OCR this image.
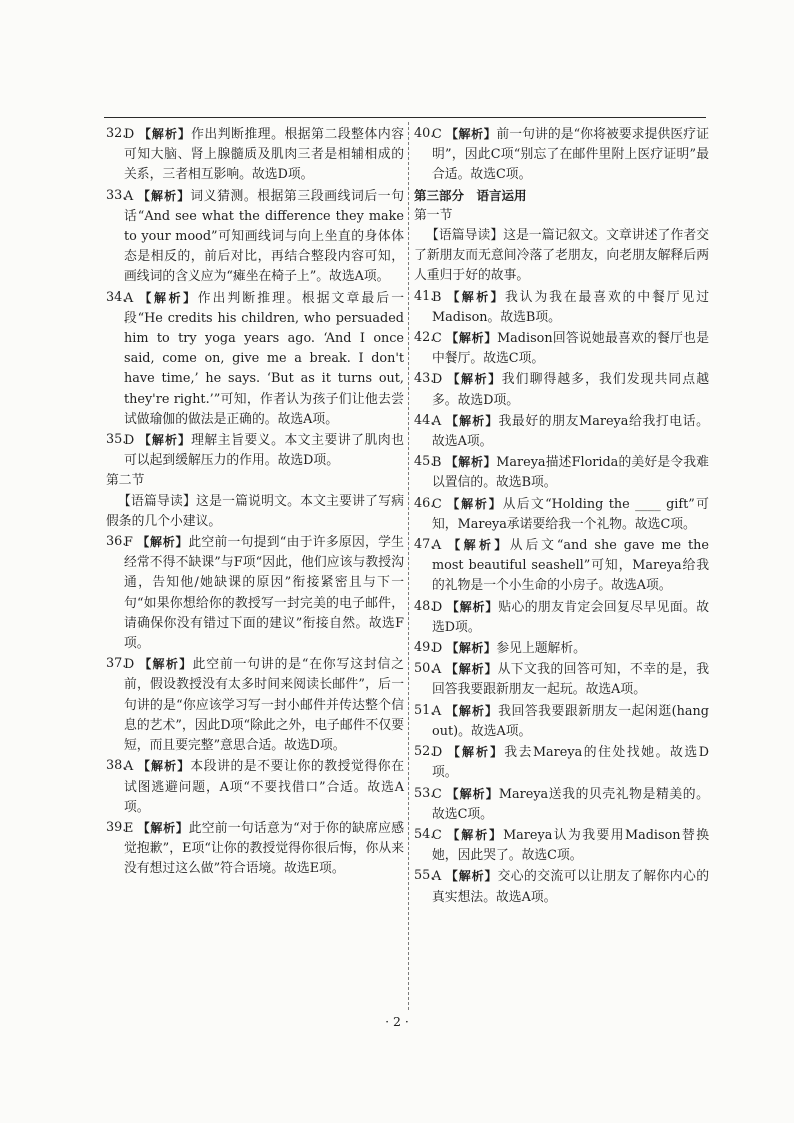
32.
D 【解析】作出判断推理。根据第二段整体内容可知大脑、肾上腺髓质及肌肉三者是相辅相成的关系，三者相互影响。故选D项。
33.
A 【解析】词义猜测。根据第三段画线词后一句话“And see what the difference they make to your mood”可知画线词与向上坐直的身体体态是相反的，前后对比，再结合整段内容可知，画线词的含义应为“瘫坐在椅子上”。故选A项。
34.
A 【解析】作出判断推理。根据文章最后一段“He credits his children, who persuaded him to try yoga years ago. ‘And I once said, come on, give me a break. I don't have time,’ he says. ‘But as it turns out, they're right.’”可知，作者认为孩子们让他去尝试做瑜伽的做法是正确的。故选A项。
35.
D 【解析】理解主旨要义。本文主要讲了肌肉也可以起到缓解压力的作用。故选D项。
第二节
【语篇导读】这是一篇说明文。本文主要讲了写病假条的几个小建议。
36.
F 【解析】此空前一句提到“由于许多原因，学生经常不得不缺课”与F项“因此，他们应该与教授沟通，告知他/她缺课的原因”衔接紧密且与下一句“如果你想给你的教授写一封完美的电子邮件，请确保你没有错过下面的建议”衔接自然。故选F项。
37.
D 【解析】此空前一句讲的是“在你写这封信之前，假设教授没有太多时间来阅读长邮件”，后一句讲的是“你应该学习写一封小邮件并传达整个信息的艺术”，因此D项“除此之外，电子邮件不仅要短，而且要完整”意思合适。故选D项。
38.
A 【解析】本段讲的是不要让你的教授觉得你在试图逃避问题，A项“不要找借口”合适。故选A项。
39.
E 【解析】此空前一句话意为“对于你的缺席应感觉抱歉”，E项“让你的教授觉得你很后悔，你从来没有想过这么做”符合语境。故选E项。
40.
C 【解析】前一句讲的是“你将被要求提供医疗证明”，因此C项“别忘了在邮件里附上医疗证明”最合适。故选C项。
第三部分　语言运用
第一节
【语篇导读】这是一篇记叙文。文章讲述了作者交了新朋友而无意间冷落了老朋友，向老朋友解释后两人重归于好的故事。
41.
B 【解析】我认为我在最喜欢的中餐厅见过Madison。故选B项。
42.
C 【解析】Madison回答说她最喜欢的餐厅也是中餐厅。故选C项。
43.
D 【解析】我们聊得越多，我们发现共同点越多。故选D项。
44.
A 【解析】我最好的朋友Mareya给我打电话。故选A项。
45.
B 【解析】Mareya描述Florida的美好是令我难以置信的。故选B项。
46.
C 【解析】从后文“Holding the ____ gift”可知，Mareya承诺要给我一个礼物。故选C项。
47.
A 【解析】从后文“and she gave me the most beautiful seashell”可知，Mareya给我的礼物是一个小生命的小房子。故选A项。
48.
D 【解析】贴心的朋友肯定会回复尽早见面。故选D项。
49.
D 【解析】参见上题解析。
50.
A 【解析】从下文我的回答可知，不幸的是，我回答我要跟新朋友一起玩。故选A项。
51.
A 【解析】我回答我要跟新朋友一起闲逛(hang out)。故选A项。
52.
D 【解析】我去Mareya的住处找她。故选D项。
53.
C 【解析】Mareya送我的贝壳礼物是精美的。故选C项。
54.
C 【解析】Mareya认为我要用Madison替换她，因此哭了。故选C项。
55.
A 【解析】交心的交流可以让朋友了解你内心的真实想法。故选A项。
· 2 ·
